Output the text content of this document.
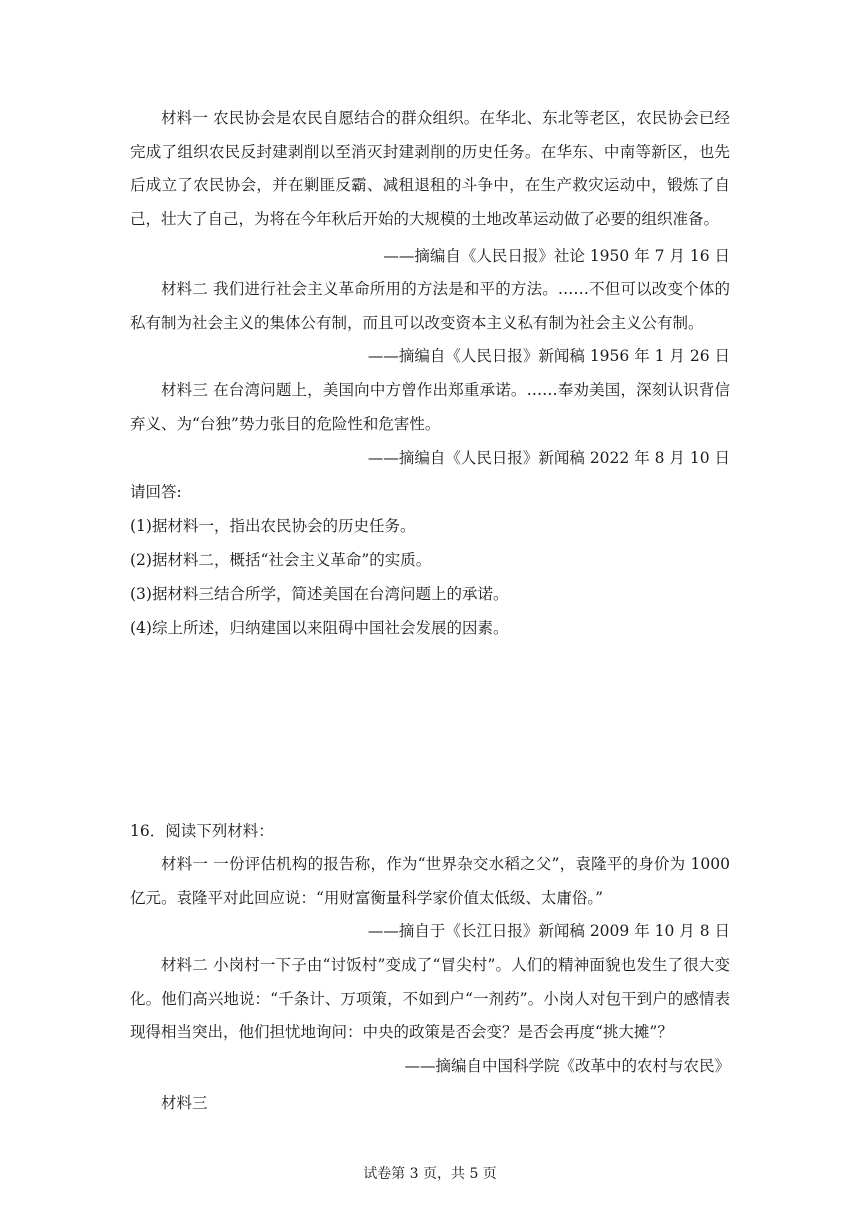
材料一 农民协会是农民自愿结合的群众组织。在华北、东北等老区，农民协会已经完成了组织农民反封建剥削以至消灭封建剥削的历史任务。在华东、中南等新区，也先后成立了农民协会，并在剿匪反霸、减租退租的斗争中，在生产救灾运动中，锻炼了自己，壮大了自己，为将在今年秋后开始的大规模的土地改革运动做了必要的组织准备。

——摘编自《人民日报》社论 1950 年 7 月 16 日

材料二 我们进行社会主义革命所用的方法是和平的方法。……不但可以改变个体的私有制为社会主义的集体公有制，而且可以改变资本主义私有制为社会主义公有制。

——摘编自《人民日报》新闻稿 1956 年 1 月 26 日

材料三 在台湾问题上，美国向中方曾作出郑重承诺。……奉劝美国，深刻认识背信弃义、为“台独”势力张目的危险性和危害性。

——摘编自《人民日报》新闻稿 2022 年 8 月 10 日

请回答:

(1)据材料一，指出农民协会的历史任务。

(2)据材料二，概括“社会主义革命”的实质。

(3)据材料三结合所学，简述美国在台湾问题上的承诺。

(4)综上所述，归纳建国以来阻碍中国社会发展的因素。

16．阅读下列材料：

材料一 一份评估机构的报告称，作为“世界杂交水稻之父”，袁隆平的身价为 1000 亿元。袁隆平对此回应说：“用财富衡量科学家价值太低级、太庸俗。”

——摘自于《长江日报》新闻稿 2009 年 10 月 8 日

材料二 小岗村一下子由“讨饭村”变成了“冒尖村”。人们的精神面貌也发生了很大变化。他们高兴地说：“千条计、万项策，不如到户“一剂药”。小岗人对包干到户的感情表现得相当突出，他们担忧地询问：中央的政策是否会变？是否会再度“挑大摊”？

——摘编自中国科学院《改革中的农村与农民》

材料三

试卷第 3 页，共 5 页
